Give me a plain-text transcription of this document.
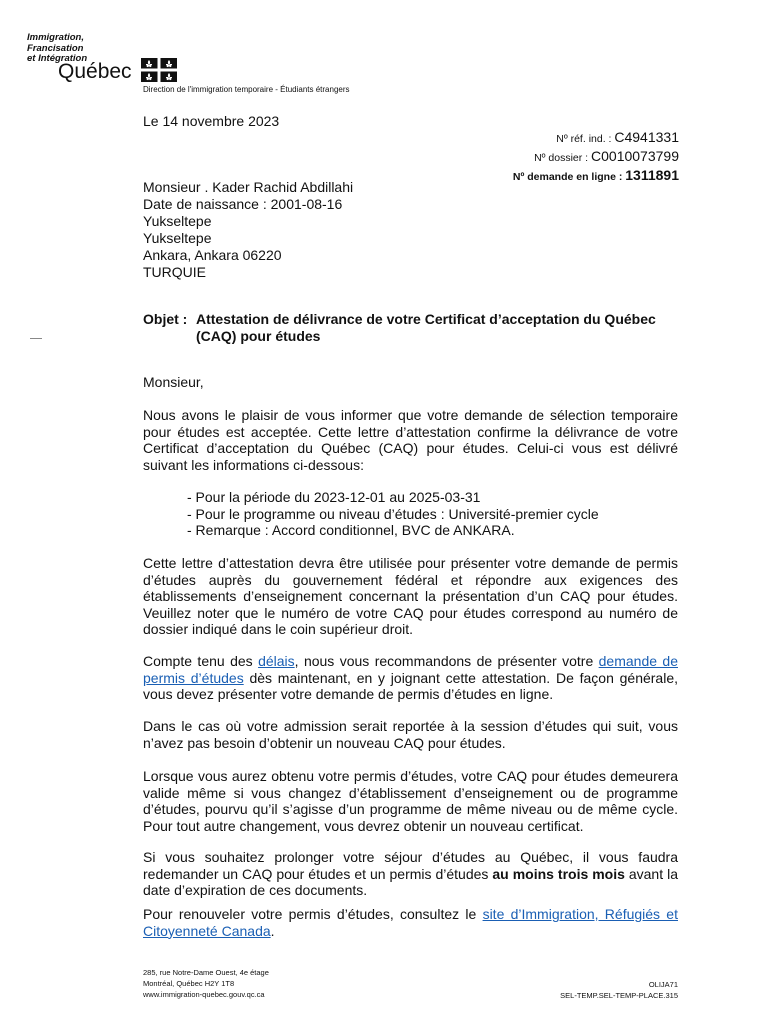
Immigration,
Francisation
et Intégration
Québec
Direction de l'immigration temporaire - Étudiants étrangers
Le 14 novembre 2023
Nº réf. ind. : C4941331
Nº dossier : C0010073799
Nº demande en ligne : 1311891
Monsieur . Kader Rachid Abdillahi
Date de naissance : 2001-08-16
Yukseltepe
Yukseltepe
Ankara, Ankara 06220
TURQUIE
Objet : Attestation de délivrance de votre Certificat d’acceptation du Québec (CAQ) pour études
Monsieur,
Nous avons le plaisir de vous informer que votre demande de sélection temporaire pour études est acceptée. Cette lettre d’attestation confirme la délivrance de votre Certificat d’acceptation du Québec (CAQ) pour études. Celui-ci vous est délivré suivant les informations ci-dessous:
- Pour la période du 2023-12-01 au 2025-03-31
- Pour le programme ou niveau d’études : Université-premier cycle
- Remarque : Accord conditionnel, BVC de ANKARA.
Cette lettre d’attestation devra être utilisée pour présenter votre demande de permis d’études auprès du gouvernement fédéral et répondre aux exigences des établissements d’enseignement concernant la présentation d’un CAQ pour études. Veuillez noter que le numéro de votre CAQ pour études correspond au numéro de dossier indiqué dans le coin supérieur droit.
Compte tenu des délais, nous vous recommandons de présenter votre demande de permis d’études dès maintenant, en y joignant cette attestation. De façon générale, vous devez présenter votre demande de permis d’études en ligne.
Dans le cas où votre admission serait reportée à la session d’études qui suit, vous n’avez pas besoin d’obtenir un nouveau CAQ pour études.
Lorsque vous aurez obtenu votre permis d’études, votre CAQ pour études demeurera valide même si vous changez d’établissement d’enseignement ou de programme d’études, pourvu qu’il s’agisse d’un programme de même niveau ou de même cycle. Pour tout autre changement, vous devrez obtenir un nouveau certificat.
Si vous souhaitez prolonger votre séjour d’études au Québec, il vous faudra redemander un CAQ pour études et un permis d’études au moins trois mois avant la date d’expiration de ces documents.
Pour renouveler votre permis d’études, consultez le site d’Immigration, Réfugiés et Citoyenneté Canada.
285, rue Notre-Dame Ouest, 4e étage
Montréal, Québec H2Y 1T8
www.immigration-quebec.gouv.qc.ca
OLIJA71
SEL-TEMP.SEL-TEMP-PLACE.315
